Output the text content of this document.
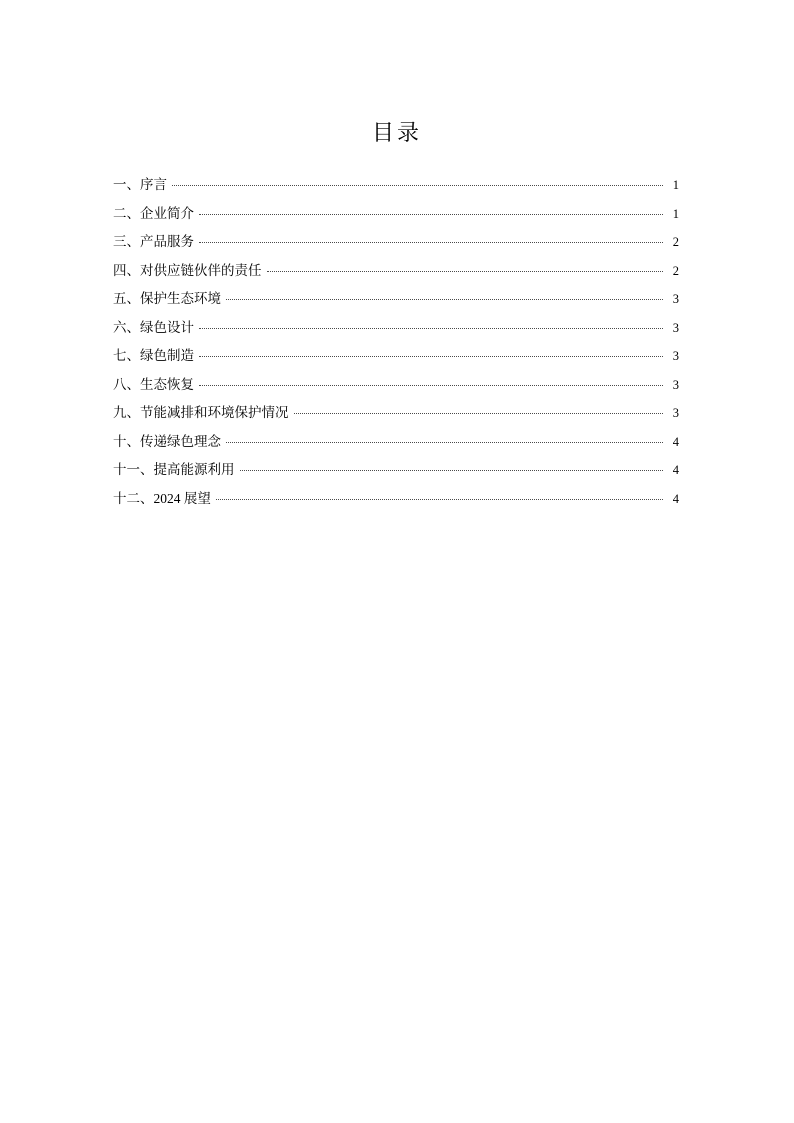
目录
一、序言	1
二、企业简介	1
三、产品服务	2
四、对供应链伙伴的责任	2
五、保护生态环境	3
六、绿色设计	3
七、绿色制造	3
八、生态恢复	3
九、节能减排和环境保护情况	3
十、传递绿色理念	4
十一、提高能源利用	4
十二、2024 展望	4
